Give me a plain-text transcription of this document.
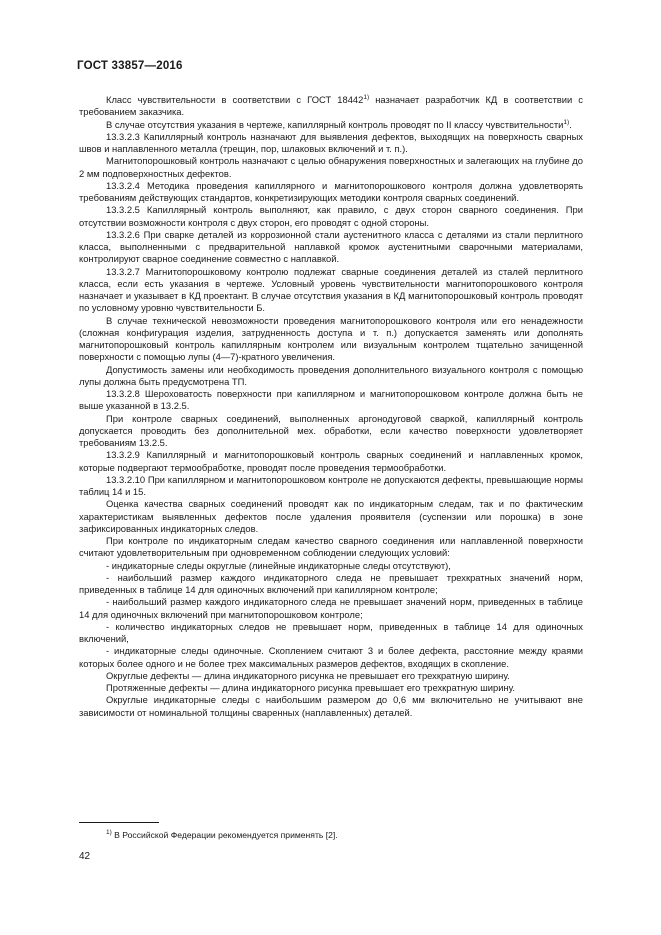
ГОСТ 33857—2016

Класс чувствительности в соответствии с ГОСТ 18442$^{1)}$ назначает разработчик КД в соответствии с требованием заказчика.

В случае отсутствия указания в чертеже, капиллярный контроль проводят по II классу чувствительности$^{1)}$.

13.3.2.3 Капиллярный контроль назначают для выявления дефектов, выходящих на поверхность сварных швов и наплавленного металла (трещин, пор, шлаковых включений и т. п.).

Магнитопорошковый контроль назначают с целью обнаружения поверхностных и залегающих на глубине до 2 мм подповерхностных дефектов.

13.3.2.4 Методика проведения капиллярного и магнитопорошкового контроля должна удовлетворять требованиям действующих стандартов, конкретизирующих методики контроля сварных соединений.

13.3.2.5 Капиллярный контроль выполняют, как правило, с двух сторон сварного соединения. При отсутствии возможности контроля с двух сторон, его проводят с одной стороны.

13.3.2.6 При сварке деталей из коррозионной стали аустенитного класса с деталями из стали перлитного класса, выполненными с предварительной наплавкой кромок аустенитными сварочными материалами, контролируют сварное соединение совместно с наплавкой.

13.3.2.7 Магнитопорошковому контролю подлежат сварные соединения деталей из сталей перлитного класса, если есть указания в чертеже. Условный уровень чувствительности магнитопорошкового контроля назначает и указывает в КД проектант. В случае отсутствия указания в КД магнитопорошковый контроль проводят по условному уровню чувствительности Б.

В случае технической невозможности проведения магнитопорошкового контроля или его ненадежности (сложная конфигурация изделия, затрудненность доступа и т. п.) допускается заменять или дополнять магнитопорошковый контроль капиллярным контролем или визуальным контролем тщательно зачищенной поверхности с помощью лупы (4—7)-кратного увеличения.

Допустимость замены или необходимость проведения дополнительного визуального контроля с помощью лупы должна быть предусмотрена ТП.

13.3.2.8 Шероховатость поверхности при капиллярном и магнитопорошковом контроле должна быть не выше указанной в 13.2.5.

При контроле сварных соединений, выполненных аргонодуговой сваркой, капиллярный контроль допускается проводить без дополнительной мех. обработки, если качество поверхности удовлетворяет требованиям 13.2.5.

13.3.2.9 Капиллярный и магнитопорошковый контроль сварных соединений и наплавленных кромок, которые подвергают термообработке, проводят после проведения термообработки.

13.3.2.10 При капиллярном и магнитопорошковом контроле не допускаются дефекты, превышающие нормы таблиц 14 и 15.

Оценка качества сварных соединений проводят как по индикаторным следам, так и по фактическим характеристикам выявленных дефектов после удаления проявителя (суспензии или порошка) в зоне зафиксированных индикаторных следов.

При контроле по индикаторным следам качество сварного соединения или наплавленной поверхности считают удовлетворительным при одновременном соблюдении следующих условий:

- индикаторные следы округлые (линейные индикаторные следы отсутствуют),

- наибольший размер каждого индикаторного следа не превышает трехкратных значений норм, приведенных в таблице 14 для одиночных включений при капиллярном контроле;

- наибольший размер каждого индикаторного следа не превышает значений норм, приведенных в таблице 14 для одиночных включений при магнитопорошковом контроле;

- количество индикаторных следов не превышает норм, приведенных в таблице 14 для одиночных включений,

- индикаторные следы одиночные. Скоплением считают 3 и более дефекта, расстояние между краями которых более одного и не более трех максимальных размеров дефектов, входящих в скопление.

Округлые дефекты — длина индикаторного рисунка не превышает его трехкратную ширину.

Протяженные дефекты — длина индикаторного рисунка превышает его трехкратную ширину.

Округлые индикаторные следы с наибольшим размером до 0,6 мм включительно не учитывают вне зависимости от номинальной толщины сваренных (наплавленных) деталей.

$^{1)}$ В Российской Федерации рекомендуется применять [2].
42
